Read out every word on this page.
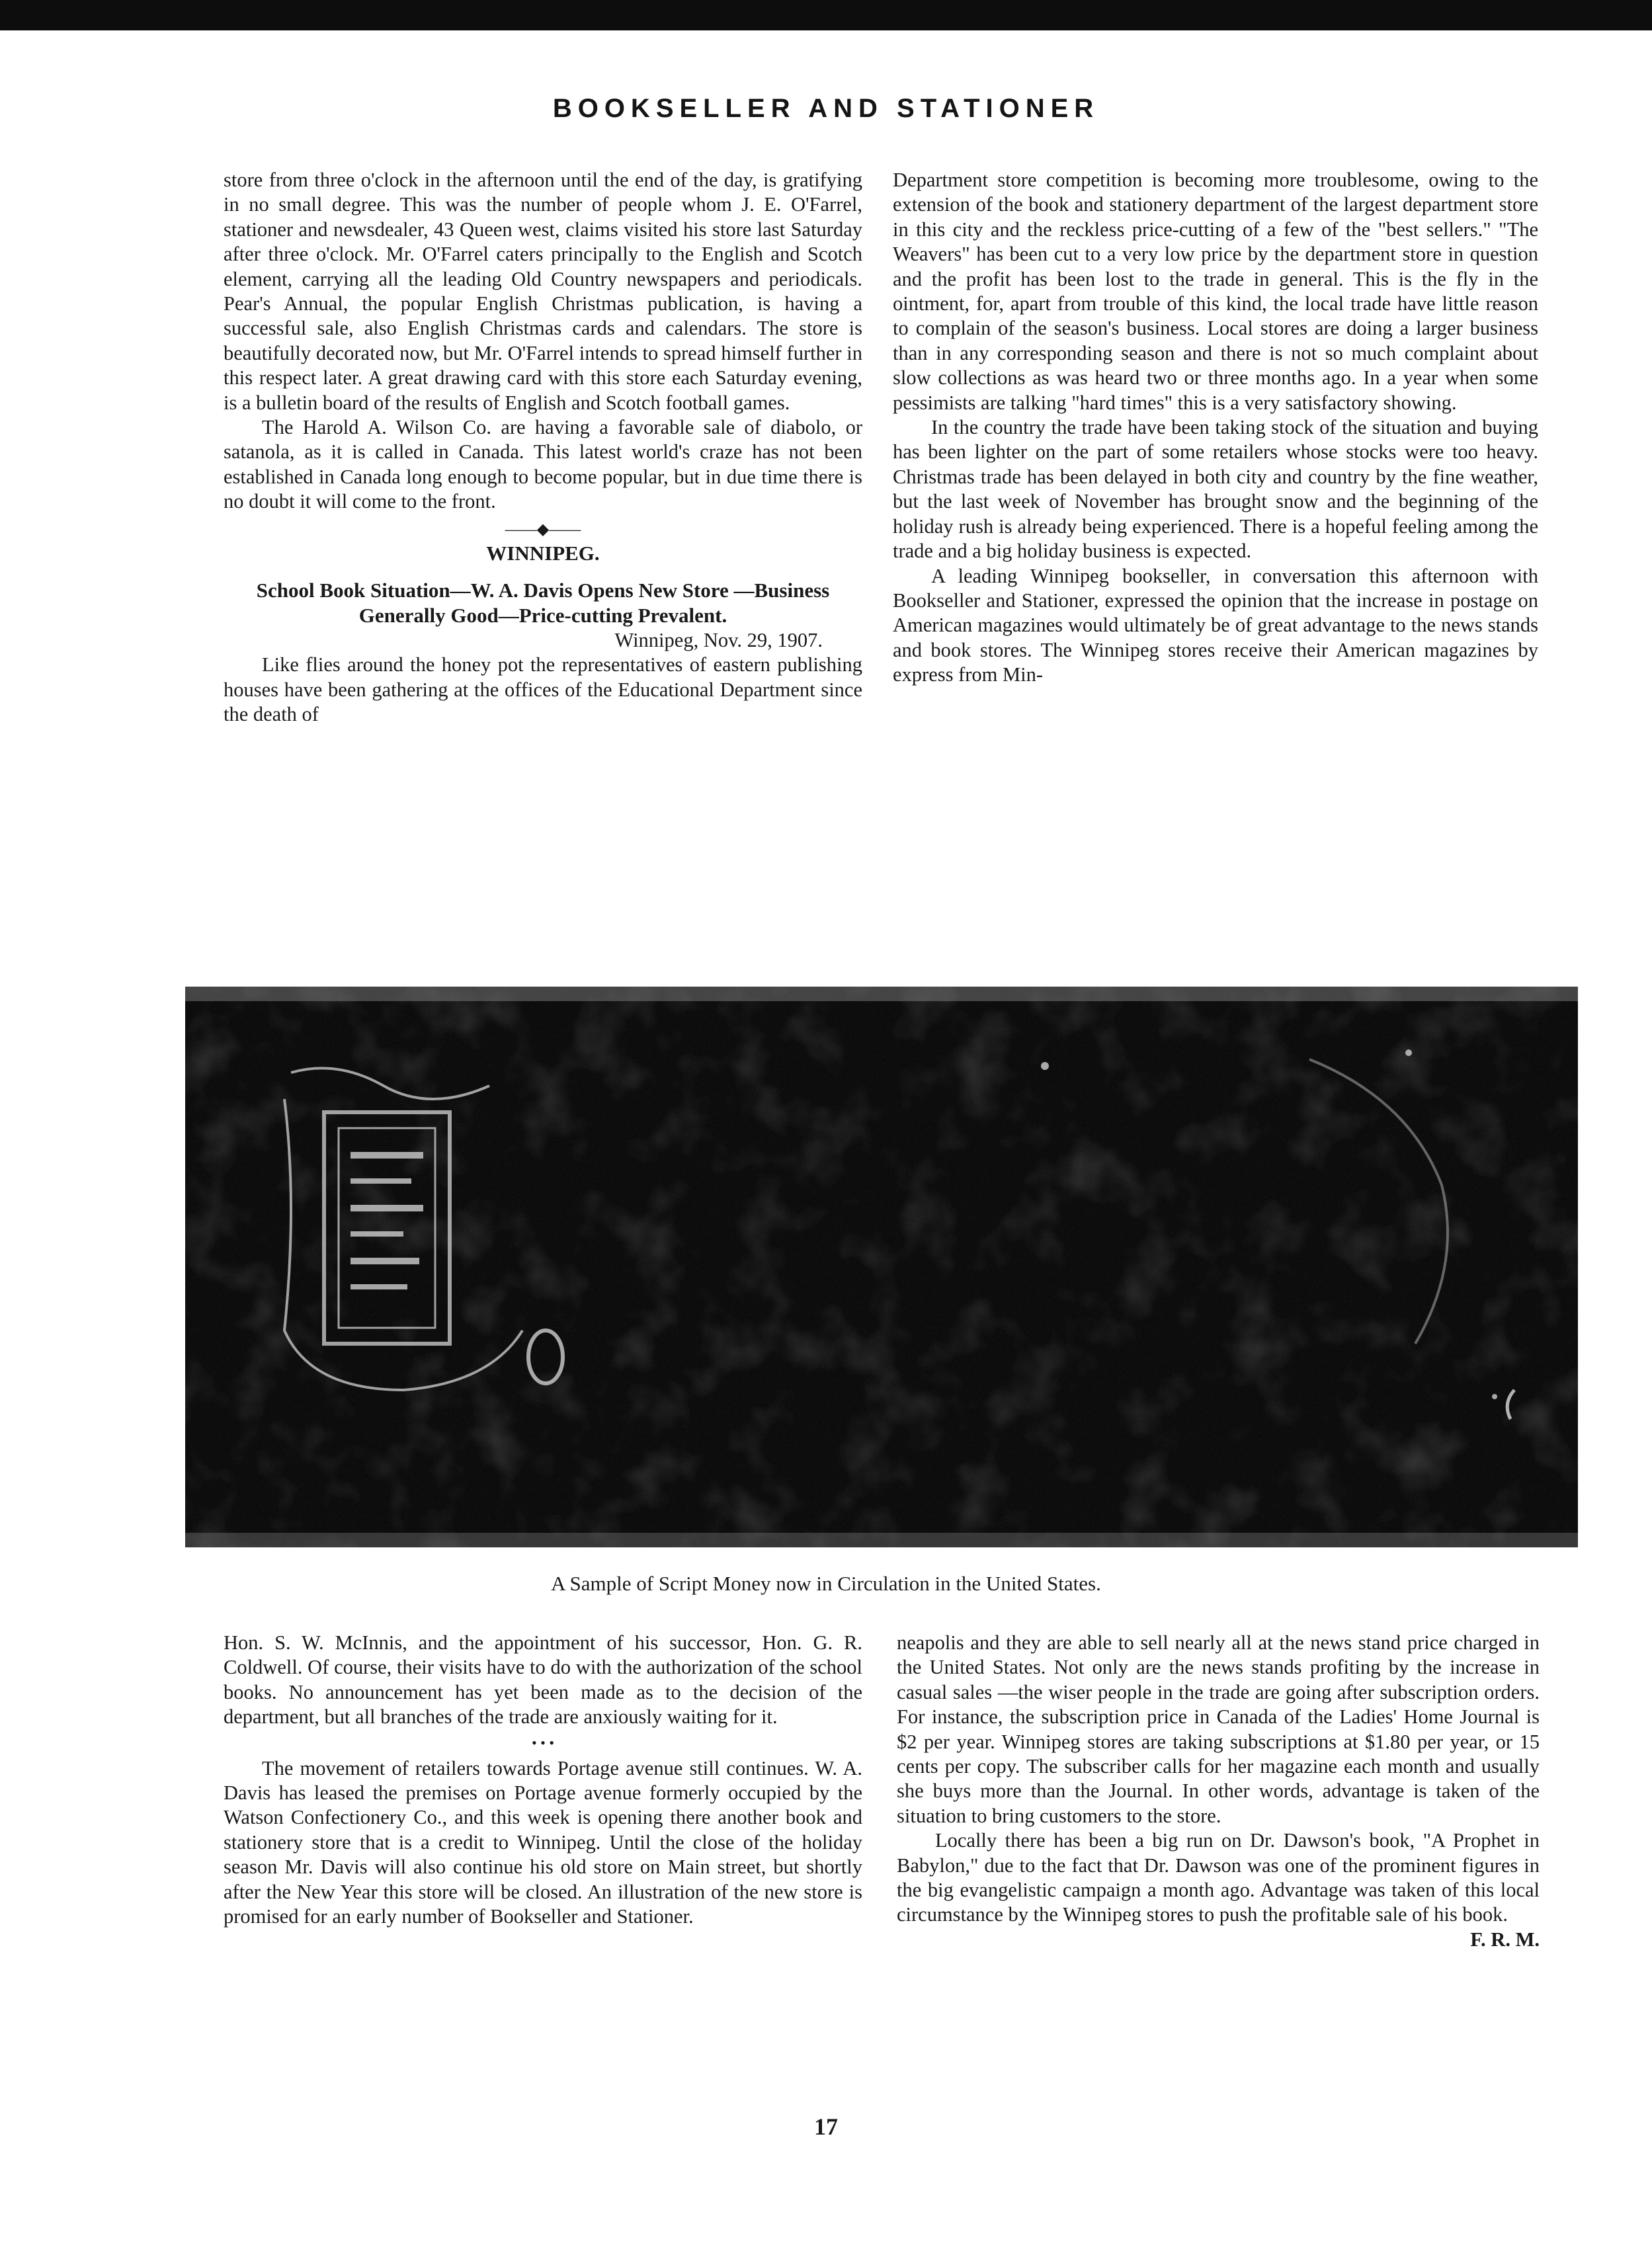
BOOKSELLER AND STATIONER

store from three o'clock in the afternoon until the end of the day, is gratifying in no small degree. This was the number of people whom J. E. O'Farrel, stationer and newsdealer, 43 Queen west, claims visited his store last Saturday after three o'clock. Mr. O'Farrel caters principally to the English and Scotch element, carrying all the leading Old Country newspapers and periodicals. Pear's Annual, the popular English Christmas publication, is having a successful sale, also English Christmas cards and calendars. The store is beautifully decorated now, but Mr. O'Farrel intends to spread himself further in this respect later. A great drawing card with this store each Saturday evening, is a bulletin board of the results of English and Scotch football games.

The Harold A. Wilson Co. are having a favorable sale of diabolo, or satanola, as it is called in Canada. This latest world's craze has not been established in Canada long enough to become popular, but in due time there is no doubt it will come to the front.

——◆——
WINNIPEG.
School Book Situation—W. A. Davis Opens New Store —Business Generally Good—Price-cutting Prevalent.
Winnipeg, Nov. 29, 1907.

Like flies around the honey pot the representatives of eastern publishing houses have been gathering at the offices of the Educational Department since the death of

Department store competition is becoming more troublesome, owing to the extension of the book and stationery department of the largest department store in this city and the reckless price-cutting of a few of the "best sellers." "The Weavers" has been cut to a very low price by the department store in question and the profit has been lost to the trade in general. This is the fly in the ointment, for, apart from trouble of this kind, the local trade have little reason to complain of the season's business. Local stores are doing a larger business than in any corresponding season and there is not so much complaint about slow collections as was heard two or three months ago. In a year when some pessimists are talking "hard times" this is a very satisfactory showing.

In the country the trade have been taking stock of the situation and buying has been lighter on the part of some retailers whose stocks were too heavy. Christmas trade has been delayed in both city and country by the fine weather, but the last week of November has brought snow and the beginning of the holiday rush is already being experienced. There is a hopeful feeling among the trade and a big holiday business is expected.

A leading Winnipeg bookseller, in conversation this afternoon with Bookseller and Stationer, expressed the opinion that the increase in postage on American magazines would ultimately be of great advantage to the news stands and book stores. The Winnipeg stores receive their American magazines by express from Min-

A Sample of Script Money now in Circulation in the United States.

Hon. S. W. McInnis, and the appointment of his successor, Hon. G. R. Coldwell. Of course, their visits have to do with the authorization of the school books. No announcement has yet been made as to the decision of the department, but all branches of the trade are anxiously waiting for it.

• • •

The movement of retailers towards Portage avenue still continues. W. A. Davis has leased the premises on Portage avenue formerly occupied by the Watson Confectionery Co., and this week is opening there another book and stationery store that is a credit to Winnipeg. Until the close of the holiday season Mr. Davis will also continue his old store on Main street, but shortly after the New Year this store will be closed. An illustration of the new store is promised for an early number of Bookseller and Stationer.

neapolis and they are able to sell nearly all at the news stand price charged in the United States. Not only are the news stands profiting by the increase in casual sales —the wiser people in the trade are going after subscription orders. For instance, the subscription price in Canada of the Ladies' Home Journal is $2 per year. Winnipeg stores are taking subscriptions at $1.80 per year, or 15 cents per copy. The subscriber calls for her magazine each month and usually she buys more than the Journal. In other words, advantage is taken of the situation to bring customers to the store.

Locally there has been a big run on Dr. Dawson's book, "A Prophet in Babylon," due to the fact that Dr. Dawson was one of the prominent figures in the big evangelistic campaign a month ago. Advantage was taken of this local circumstance by the Winnipeg stores to push the profitable sale of his book.
F. R. M.

17
